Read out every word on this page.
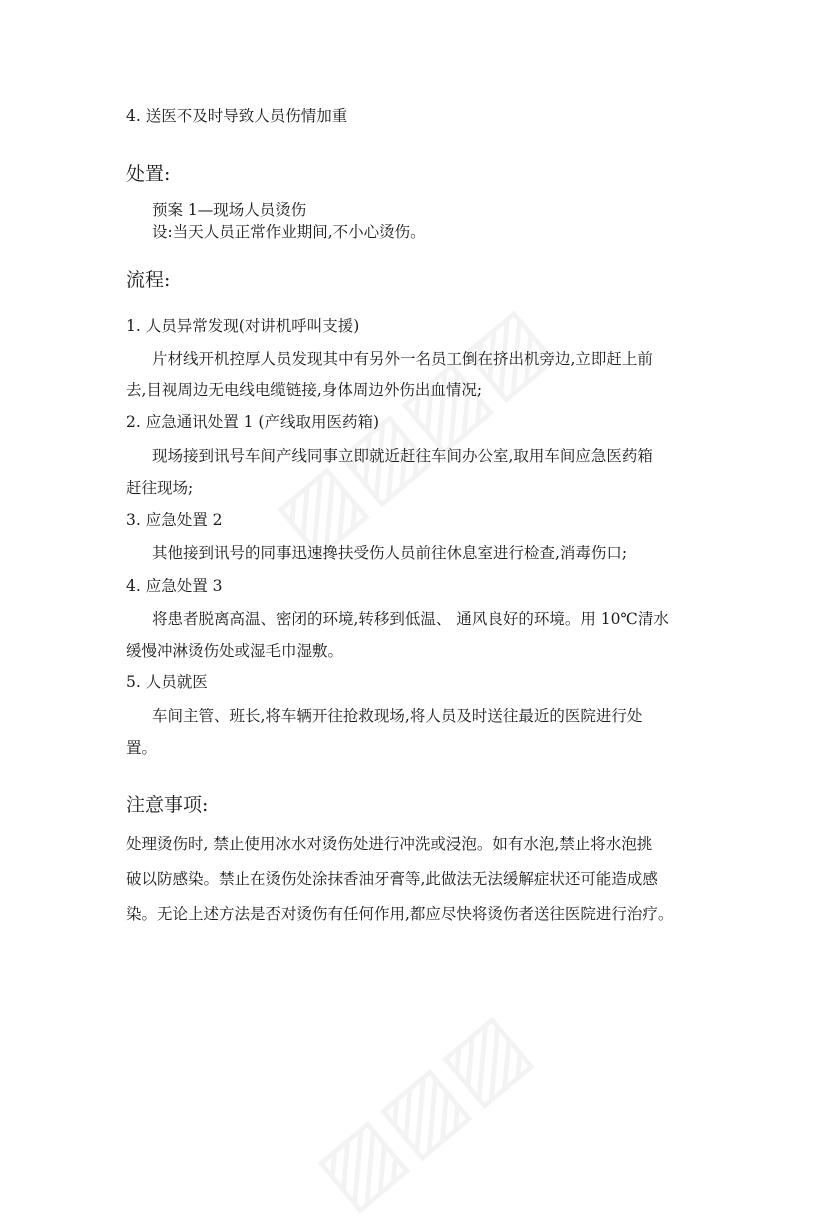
4. 送医不及时导致人员伤情加重
处置:
预案 1—现场人员烫伤
设:当天人员正常作业期间,不小心烫伤。
流程:
1. 人员异常发现(对讲机呼叫支援)
片材线开机控厚人员发现其中有另外一名员工倒在挤出机旁边,立即赶上前
去,目视周边无电线电缆链接,身体周边外伤出血情况;
2. 应急通讯处置 1 (产线取用医药箱)
现场接到讯号车间产线同事立即就近赶往车间办公室,取用车间应急医药箱
赶往现场;
3. 应急处置 2
其他接到讯号的同事迅速搀扶受伤人员前往休息室进行检查,消毒伤口;
4. 应急处置 3
将患者脱离高温、密闭的环境,转移到低温、 通风良好的环境。用 10℃清水
缓慢冲淋烫伤处或湿毛巾湿敷。
5. 人员就医
车间主管、班长,将车辆开往抢救现场,将人员及时送往最近的医院进行处
置。
注意事项:
处理烫伤时, 禁止使用冰水对烫伤处进行冲洗或浸泡。如有水泡,禁止将水泡挑
破以防感染。禁止在烫伤处涂抹香油牙膏等,此做法无法缓解症状还可能造成感
染。无论上述方法是否对烫伤有任何作用,都应尽快将烫伤者送往医院进行治疗。
